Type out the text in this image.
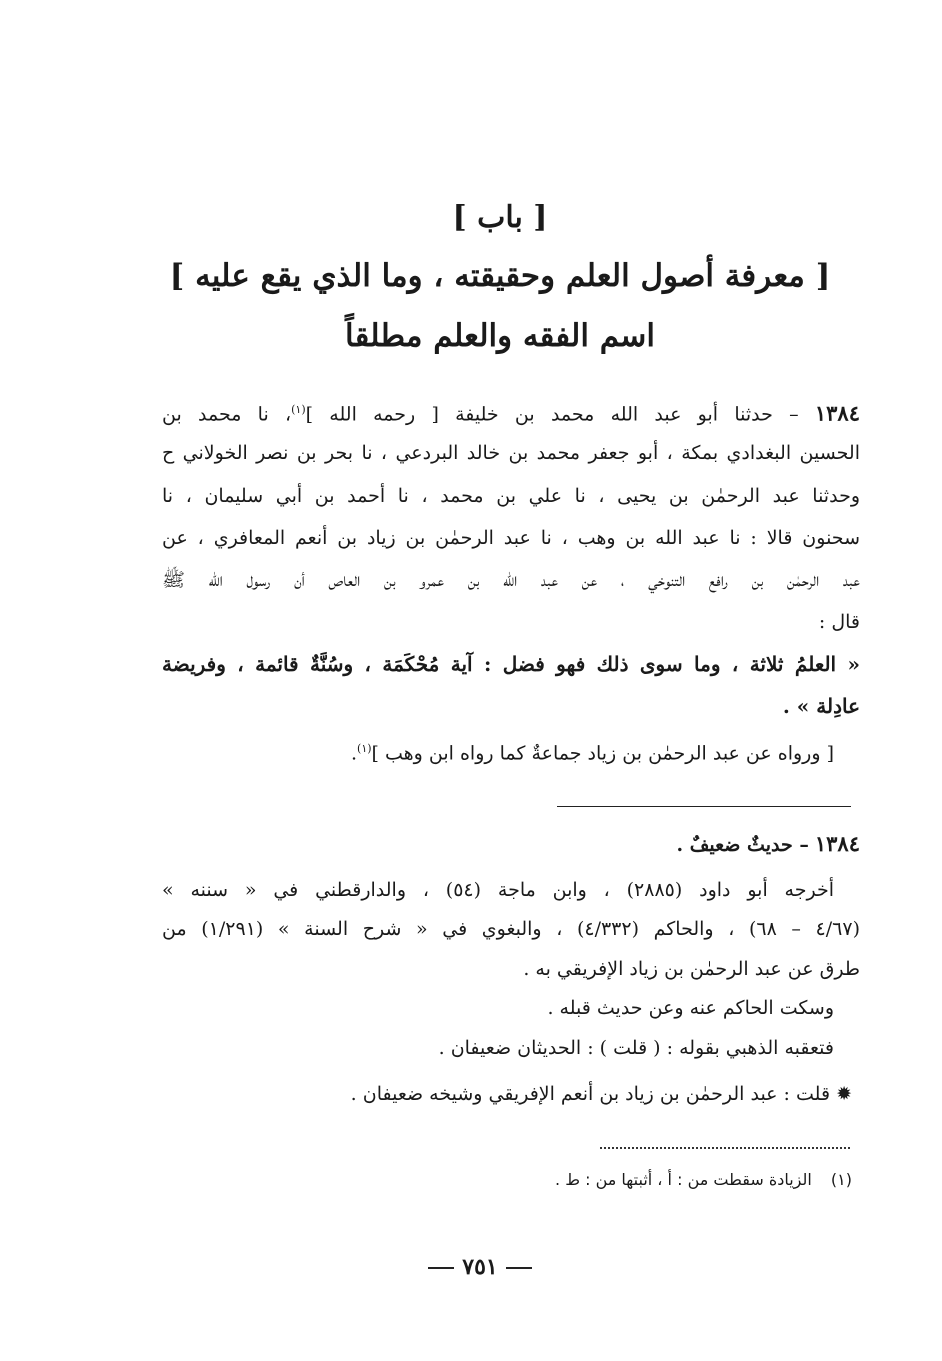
[ باب ]
[ معرفة أصول العلم وحقيقته ، وما الذي يقع عليه ]
اسم الفقه والعلم مطلقاً
١٣٨٤ – حدثنا أبو عبد الله محمد بن خليفة [ رحمه الله ]$^{(١)}$، نا محمد بن
الحسين البغدادي بمكة ، أبو جعفر محمد بن خالد البردعي ، نا بحر بن نصر الخولاني ح
وحدثنا عبد الرحمٰن بن يحيى ، نا علي بن محمد ، نا أحمد بن أبي سليمان ، نا
سحنون قالا : نا عبد الله بن وهب ، نا عبد الرحمٰن بن زياد بن أنعم المعافري ، عن
عبد الرحمٰن بن رافع التنوخي ، عن عبد الله بن عمرو بن العاص أن رسول الله ﷺ
قال :
« العلمُ ثلاثة ، وما سوى ذلك فهو فضل : آية مُحْكَمَة ، وسُنَّةٌ قائمة ، وفريضة
عادِلة » .
[ ورواه عن عبد الرحمٰن بن زياد جماعةٌ كما رواه ابن وهب ]$^{(١)}$.
١٣٨٤ – حديثٌ ضعيفٌ .
أخرجه أبو داود (٢٨٨٥) ، وابن ماجة (٥٤) ، والدارقطني في « سننه »
(٤/٦٧ – ٦٨) ، والحاكم (٤/٣٣٢) ، والبغوي في « شرح السنة » (١/٢٩١) من
طرق عن عبد الرحمٰن بن زياد الإفريقي به .
وسكت الحاكم عنه وعن حديث قبله .
فتعقبه الذهبي بقوله : ( قلت ) : الحديثان ضعيفان .
✹ قلت : عبد الرحمٰن بن زياد بن أنعم الإفريقي وشيخه ضعيفان .
(١) الزيادة سقطت من : أ ، أثبتها من : ط .
٧٥١
